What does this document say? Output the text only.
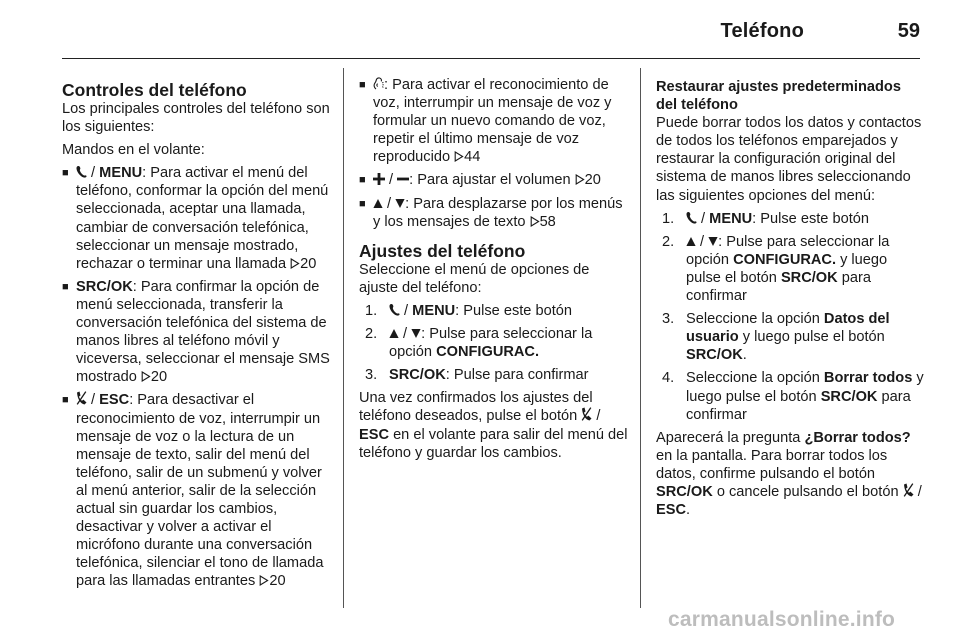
Teléfono	59
Controles del teléfono

Los principales controles del teléfono son los siguientes:

Mandos en el volante:

■ / MENU: Para activar el menú del teléfono, conformar la opción del menú seleccionada, aceptar una llamada, cambiar de conversación telefónica, seleccionar un mensaje mostrado, rechazar o terminar una llamada 20
■ SRC/OK: Para confirmar la opción de menú seleccionada, transferir la conversación telefónica del sistema de manos libres al teléfono móvil y viceversa, seleccionar el mensaje SMS mostrado 20
■ / ESC: Para desactivar el reconocimiento de voz, interrumpir un mensaje de voz o la lectura de un mensaje de texto, salir del menú del teléfono, salir de un submenú y volver al menú anterior, salir de la selección actual sin guardar los cambios, desactivar y volver a activar el micrófono durante una conversación telefónica, silenciar el tono de llamada para las llamadas entrantes 20
■ : Para activar el reconocimiento de voz, interrumpir un mensaje de voz y formular un nuevo comando de voz, repetir el último mensaje de voz reproducido 44
■ /
: Para ajustar el volumen 20
■ /
: Para desplazarse por los menús y los mensajes de texto 58
Ajustes del teléfono

Seleccione el menú de opciones de ajuste del teléfono:

1. / MENU: Pulse este botón
2. /
: Pulse para seleccionar la opción CONFIGURAC.
3. SRC/OK: Pulse para confirmar

Una vez confirmados los ajustes del teléfono deseados, pulse el botón
/ ESC en el volante para salir del menú del teléfono y guardar los cambios.

Restaurar ajustes predeterminados del teléfono

Puede borrar todos los datos y contactos de todos los teléfonos emparejados y restaurar la configuración original del sistema de manos libres seleccionando las siguientes opciones del menú:

1. / MENU: Pulse este botón
2. /
: Pulse para seleccionar la opción CONFIGURAC. y luego pulse el botón SRC/OK para confirmar
3. Seleccione la opción Datos del usuario y luego pulse el botón SRC/OK.
4. Seleccione la opción Borrar todos y luego pulse el botón SRC/OK para confirmar

Aparecerá la pregunta ¿Borrar todos? en la pantalla. Para borrar todos los datos, confirme pulsando el botón SRC/OK o cancele pulsando el botón
/ ESC.

carmanualsonline.info
